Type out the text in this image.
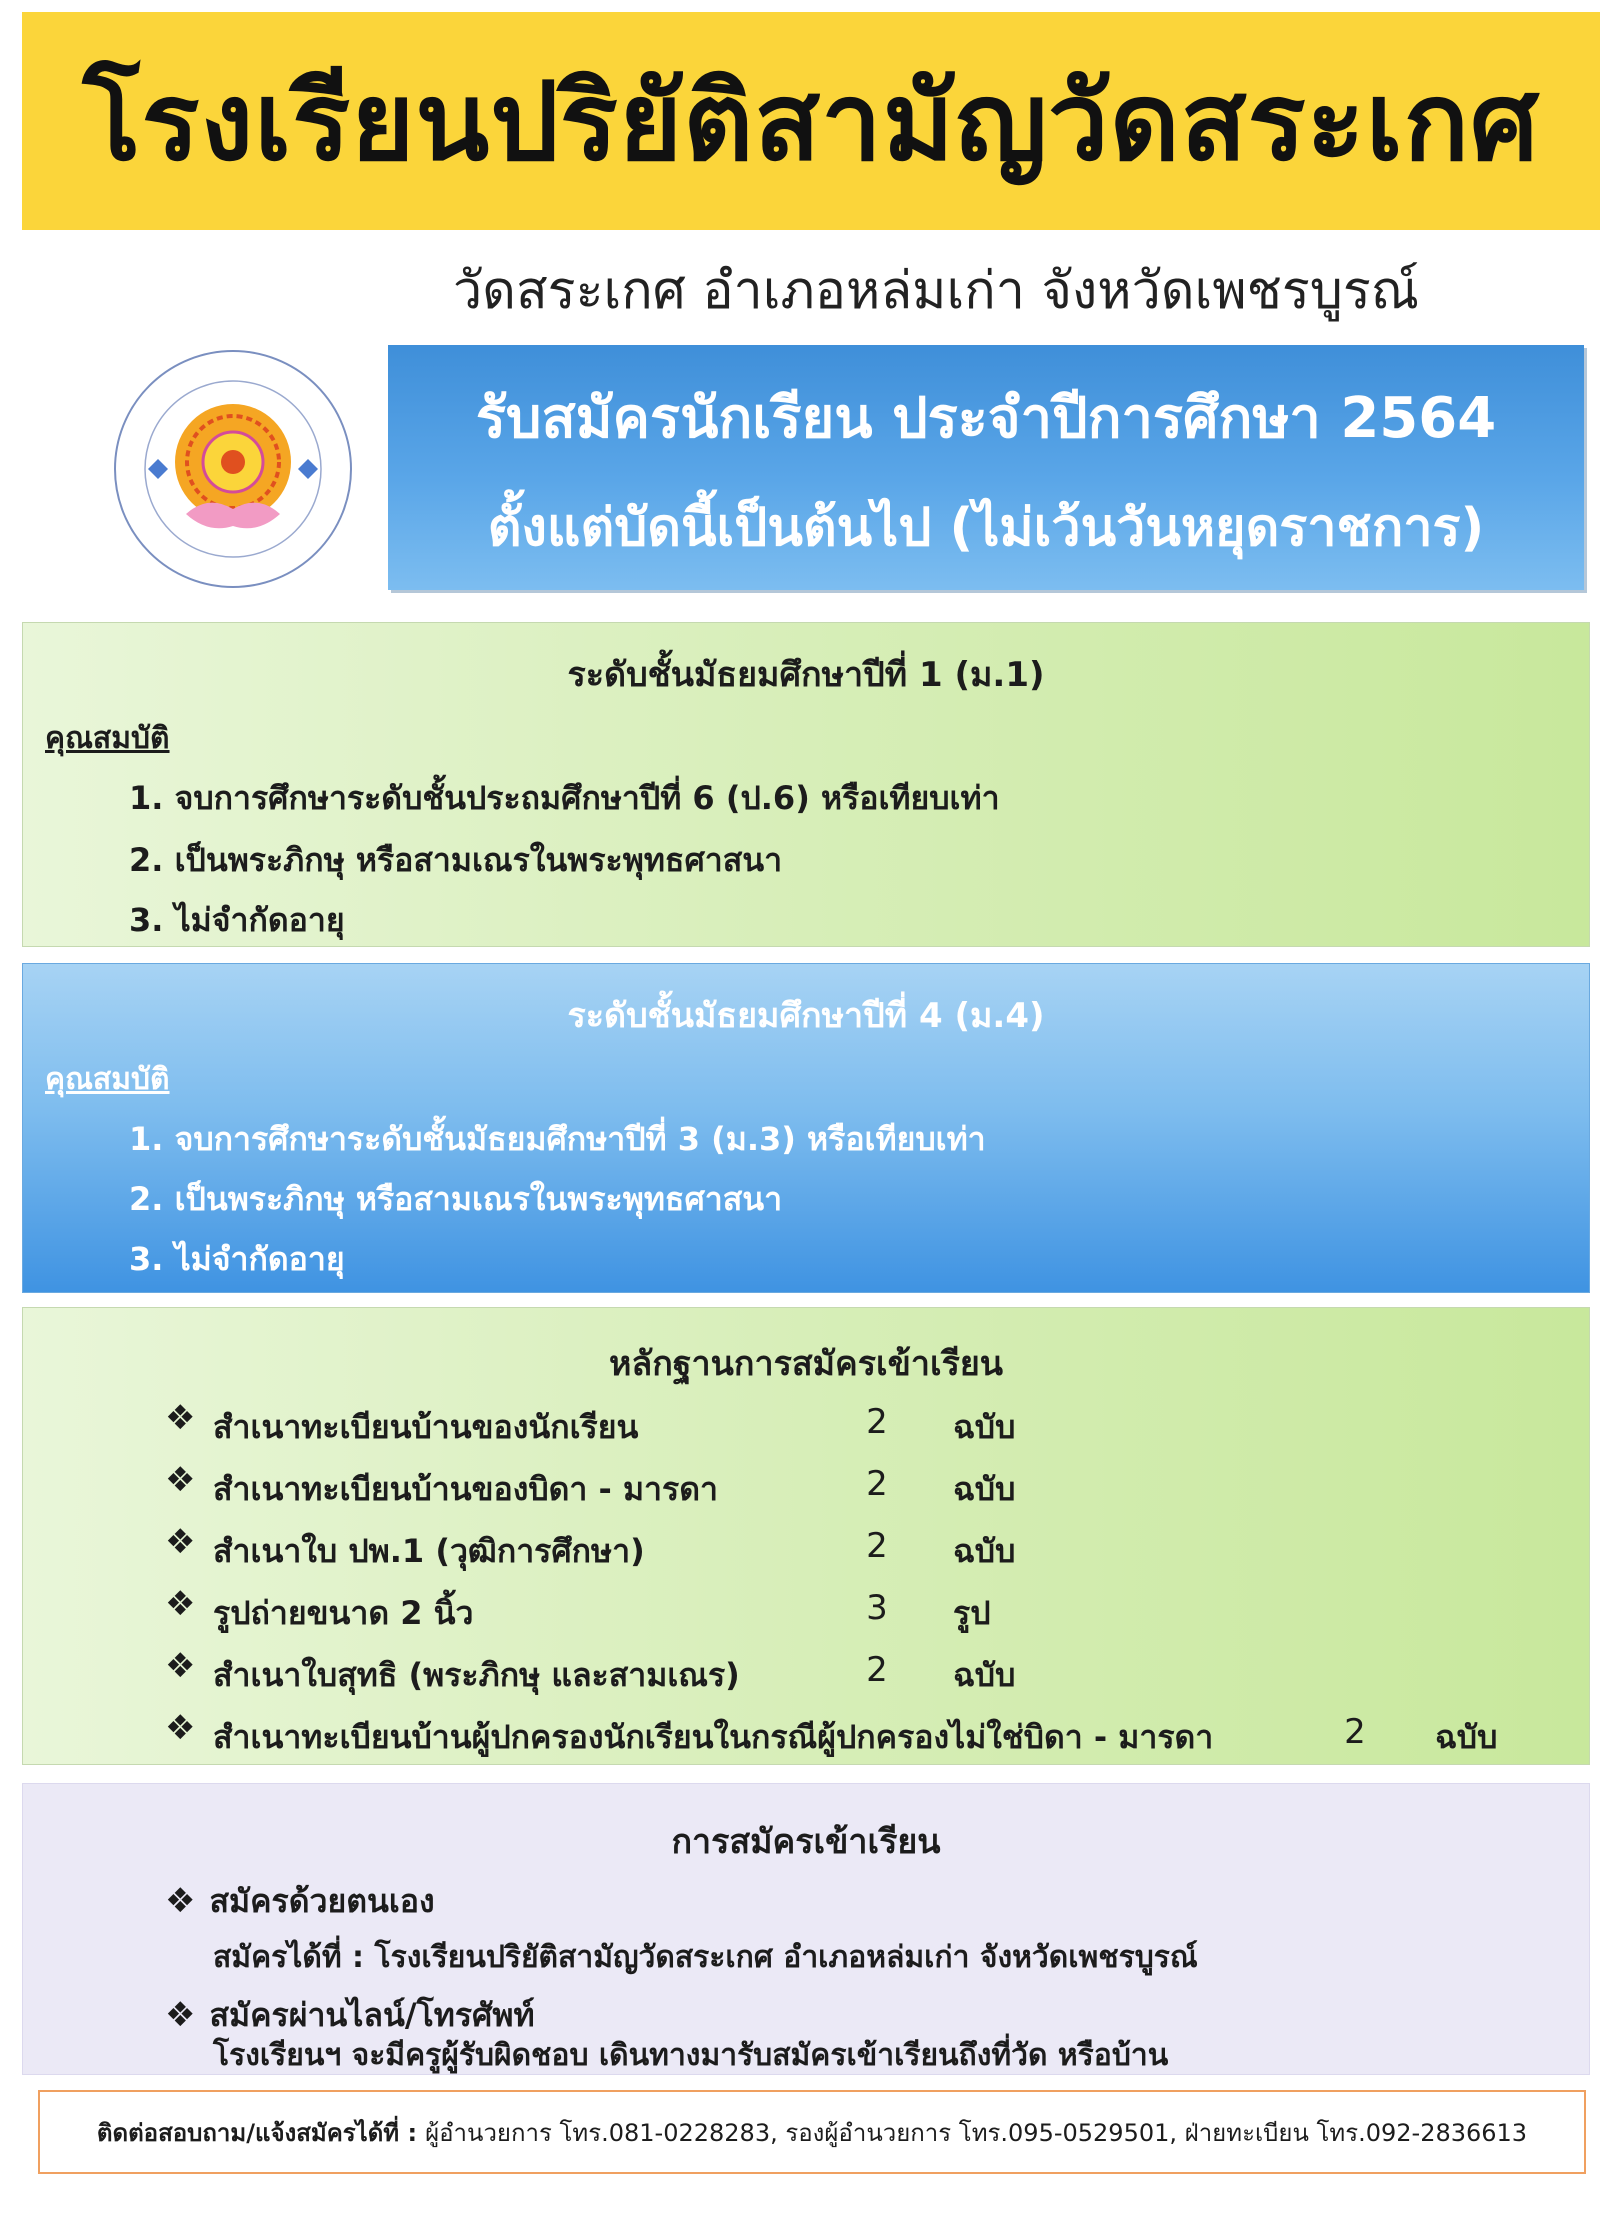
โรงเรียนปริยัติสามัญวัดสระเกศ
วัดสระเกศ อำเภอหล่มเก่า จังหวัดเพชรบูรณ์
รับสมัครนักเรียน ประจำปีการศึกษา 2564
ตั้งแต่บัดนี้เป็นต้นไป (ไม่เว้นวันหยุดราชการ)
ระดับชั้นมัธยมศึกษาปีที่ 1 (ม.1)
คุณสมบัติ
1. จบการศึกษาระดับชั้นประถมศึกษาปีที่ 6 (ป.6) หรือเทียบเท่า
2. เป็นพระภิกษุ หรือสามเณรในพระพุทธศาสนา
3. ไม่จำกัดอายุ
ระดับชั้นมัธยมศึกษาปีที่ 4 (ม.4)
คุณสมบัติ
1. จบการศึกษาระดับชั้นมัธยมศึกษาปีที่ 3 (ม.3) หรือเทียบเท่า
2. เป็นพระภิกษุ หรือสามเณรในพระพุทธศาสนา
3. ไม่จำกัดอายุ
หลักฐานการสมัครเข้าเรียน
❖ สำเนาทะเบียนบ้านของนักเรียน	2 ฉบับ
❖ สำเนาทะเบียนบ้านของบิดา - มารดา	2 ฉบับ
❖ สำเนาใบ ปพ.1 (วุฒิการศึกษา)	2 ฉบับ
❖ รูปถ่ายขนาด 2 นิ้ว	3 รูป
❖ สำเนาใบสุทธิ (พระภิกษุ และสามเณร)	2 ฉบับ
❖ สำเนาทะเบียนบ้านผู้ปกครองนักเรียนในกรณีผู้ปกครองไม่ใช่บิดา - มารดา	2 ฉบับ
การสมัครเข้าเรียน
❖ สมัครด้วยตนเอง
สมัครได้ที่ : โรงเรียนปริยัติสามัญวัดสระเกศ อำเภอหล่มเก่า จังหวัดเพชรบูรณ์
❖ สมัครผ่านไลน์/โทรศัพท์
โรงเรียนฯ จะมีครูผู้รับผิดชอบ เดินทางมารับสมัครเข้าเรียนถึงที่วัด หรือบ้าน
ติดต่อสอบถาม/แจ้งสมัครได้ที่ : ผู้อำนวยการ โทร.081-0228283, รองผู้อำนวยการ โทร.095-0529501, ฝ่ายทะเบียน โทร.092-2836613
